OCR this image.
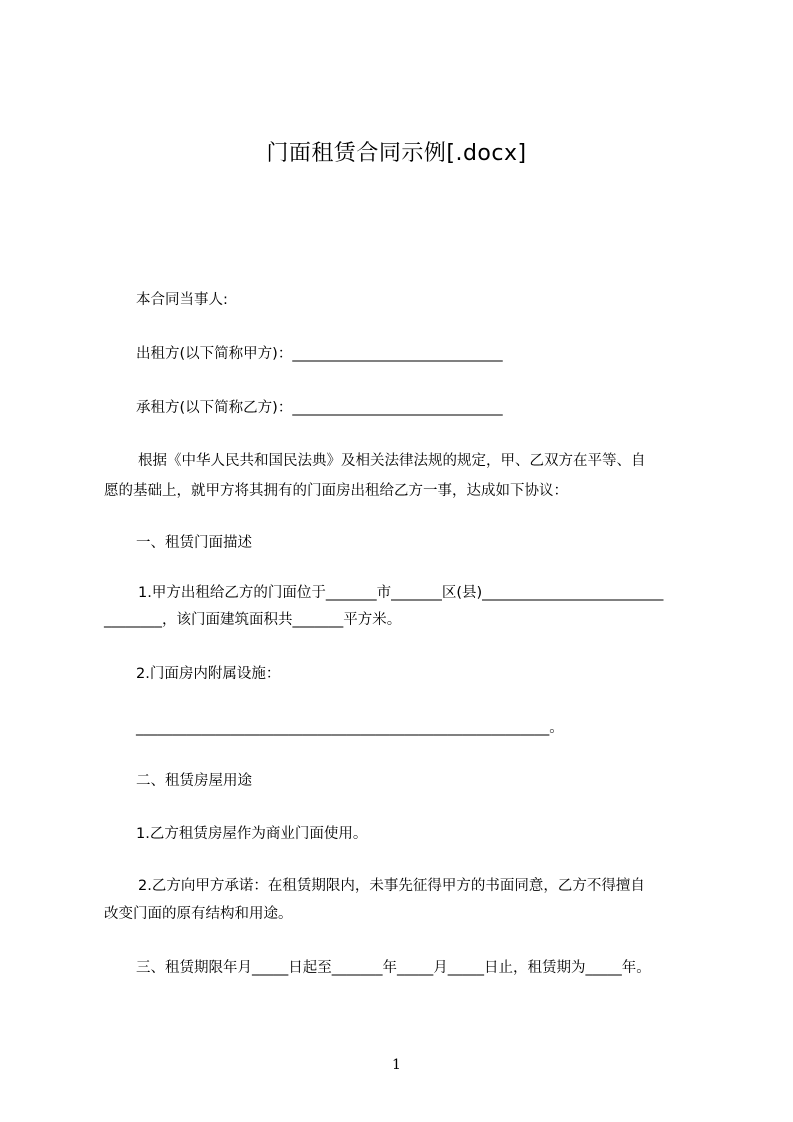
门面租赁合同示例[.docx]
本合同当事人:
出租方(以下简称甲方)：_____________________________
承租方(以下简称乙方)：_____________________________
根据《中华人民共和国民法典》及相关法律法规的规定，甲、乙双方在平等、自
愿的基础上，就甲方将其拥有的门面房出租给乙方一事，达成如下协议：
一、租赁门面描述
1.甲方出租给乙方的门面位于_______市_______区(县)_________________________
________，该门面建筑面积共_______平方米。
2.门面房内附属设施：
_________________________________________________________。
二、租赁房屋用途
1.乙方租赁房屋作为商业门面使用。
2.乙方向甲方承诺：在租赁期限内，未事先征得甲方的书面同意，乙方不得擅自
改变门面的原有结构和用途。
三、租赁期限年月_____日起至_______年_____月_____日止，租赁期为_____年。
1
